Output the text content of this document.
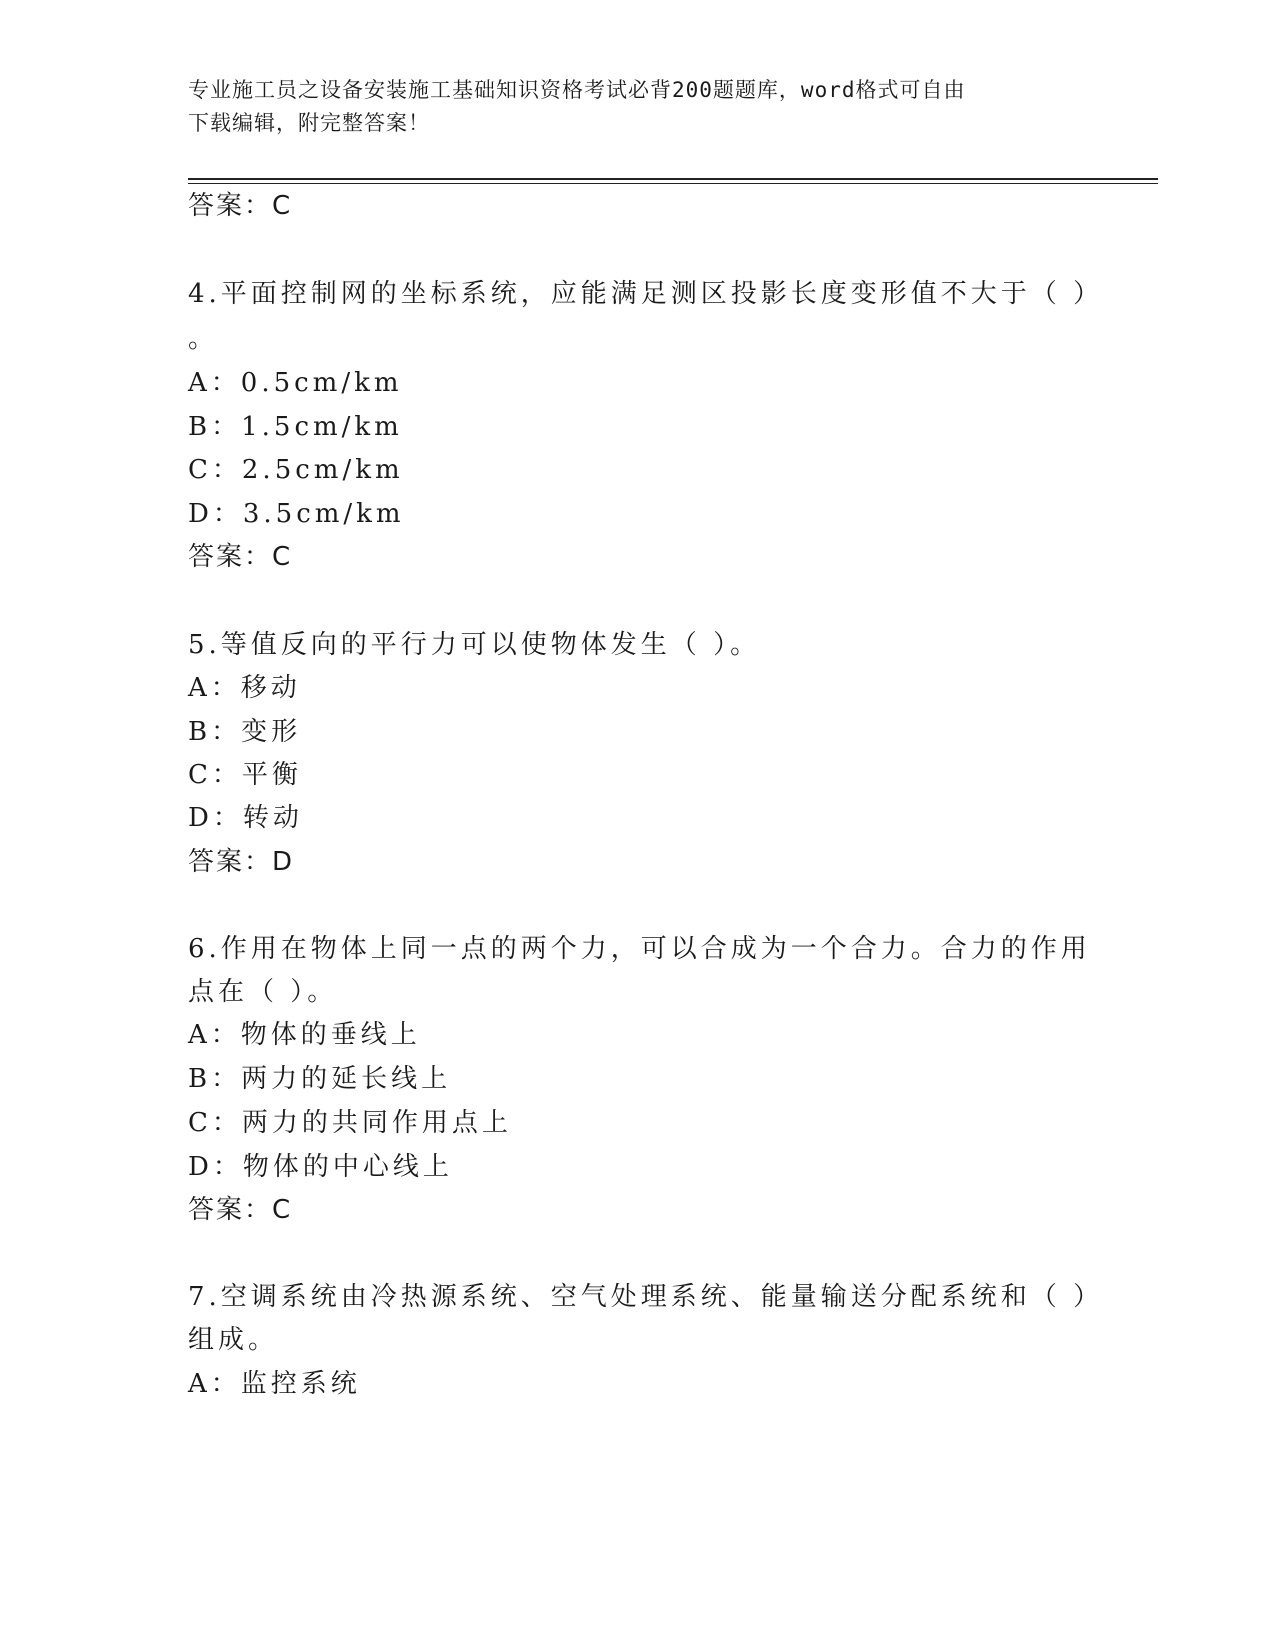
专业施工员之设备安装施工基础知识资格考试必背200题题库，word格式可自由
下载编辑，附完整答案！
答案：C
4.平面控制网的坐标系统，应能满足测区投影长度变形值不大于（ ）
。
A：0.5cm/km
B：1.5cm/km
C：2.5cm/km
D：3.5cm/km
答案：C
5.等值反向的平行力可以使物体发生（ ）。
A：移动
B：变形
C：平衡
D：转动
答案：D
6.作用在物体上同一点的两个力，可以合成为一个合力。合力的作用
点在（ ）。
A：物体的垂线上
B：两力的延长线上
C：两力的共同作用点上
D：物体的中心线上
答案：C
7.空调系统由冷热源系统、空气处理系统、能量输送分配系统和（ ）
组成。
A：监控系统
